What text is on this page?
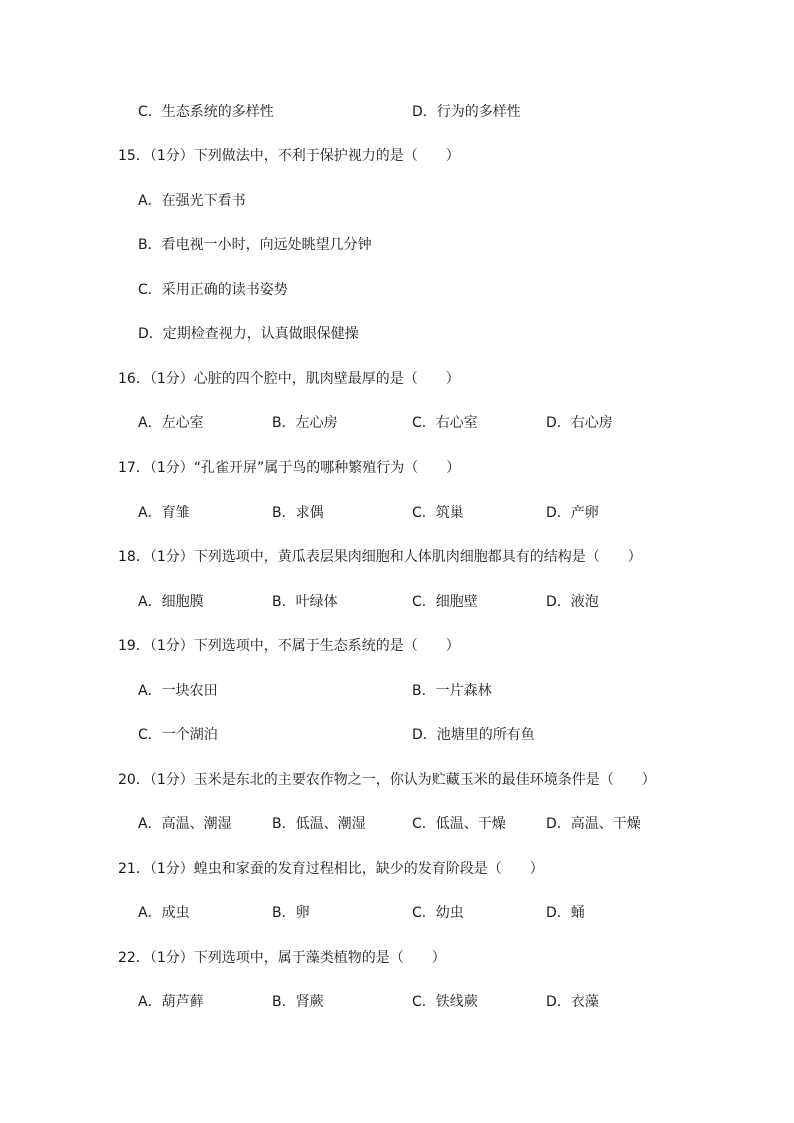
C．生态系统的多样性	D．行为的多样性
15．（1分）下列做法中，不利于保护视力的是（　　）
A．在强光下看书
B．看电视一小时，向远处眺望几分钟
C．采用正确的读书姿势
D．定期检查视力，认真做眼保健操
16．（1分）心脏的四个腔中，肌肉壁最厚的是（　　）
A．左心室	B．左心房	C．右心室	D．右心房
17．（1分）“孔雀开屏”属于鸟的哪种繁殖行为（　　）
A．育雏	B．求偶	C．筑巢	D．产卵
18．（1分）下列选项中，黄瓜表层果肉细胞和人体肌肉细胞都具有的结构是（　　）
A．细胞膜	B．叶绿体	C．细胞壁	D．液泡
19．（1分）下列选项中，不属于生态系统的是（　　）
A．一块农田	B．一片森林
C．一个湖泊	D．池塘里的所有鱼
20．（1分）玉米是东北的主要农作物之一，你认为贮藏玉米的最佳环境条件是（　　）
A．高温、潮湿	B．低温、潮湿	C．低温、干燥	D．高温、干燥
21．（1分）蝗虫和家蚕的发育过程相比，缺少的发育阶段是（　　）
A．成虫	B．卵	C．幼虫	D．蛹
22．（1分）下列选项中，属于藻类植物的是（　　）
A．葫芦藓	B．肾蕨	C．铁线蕨	D．衣藻
